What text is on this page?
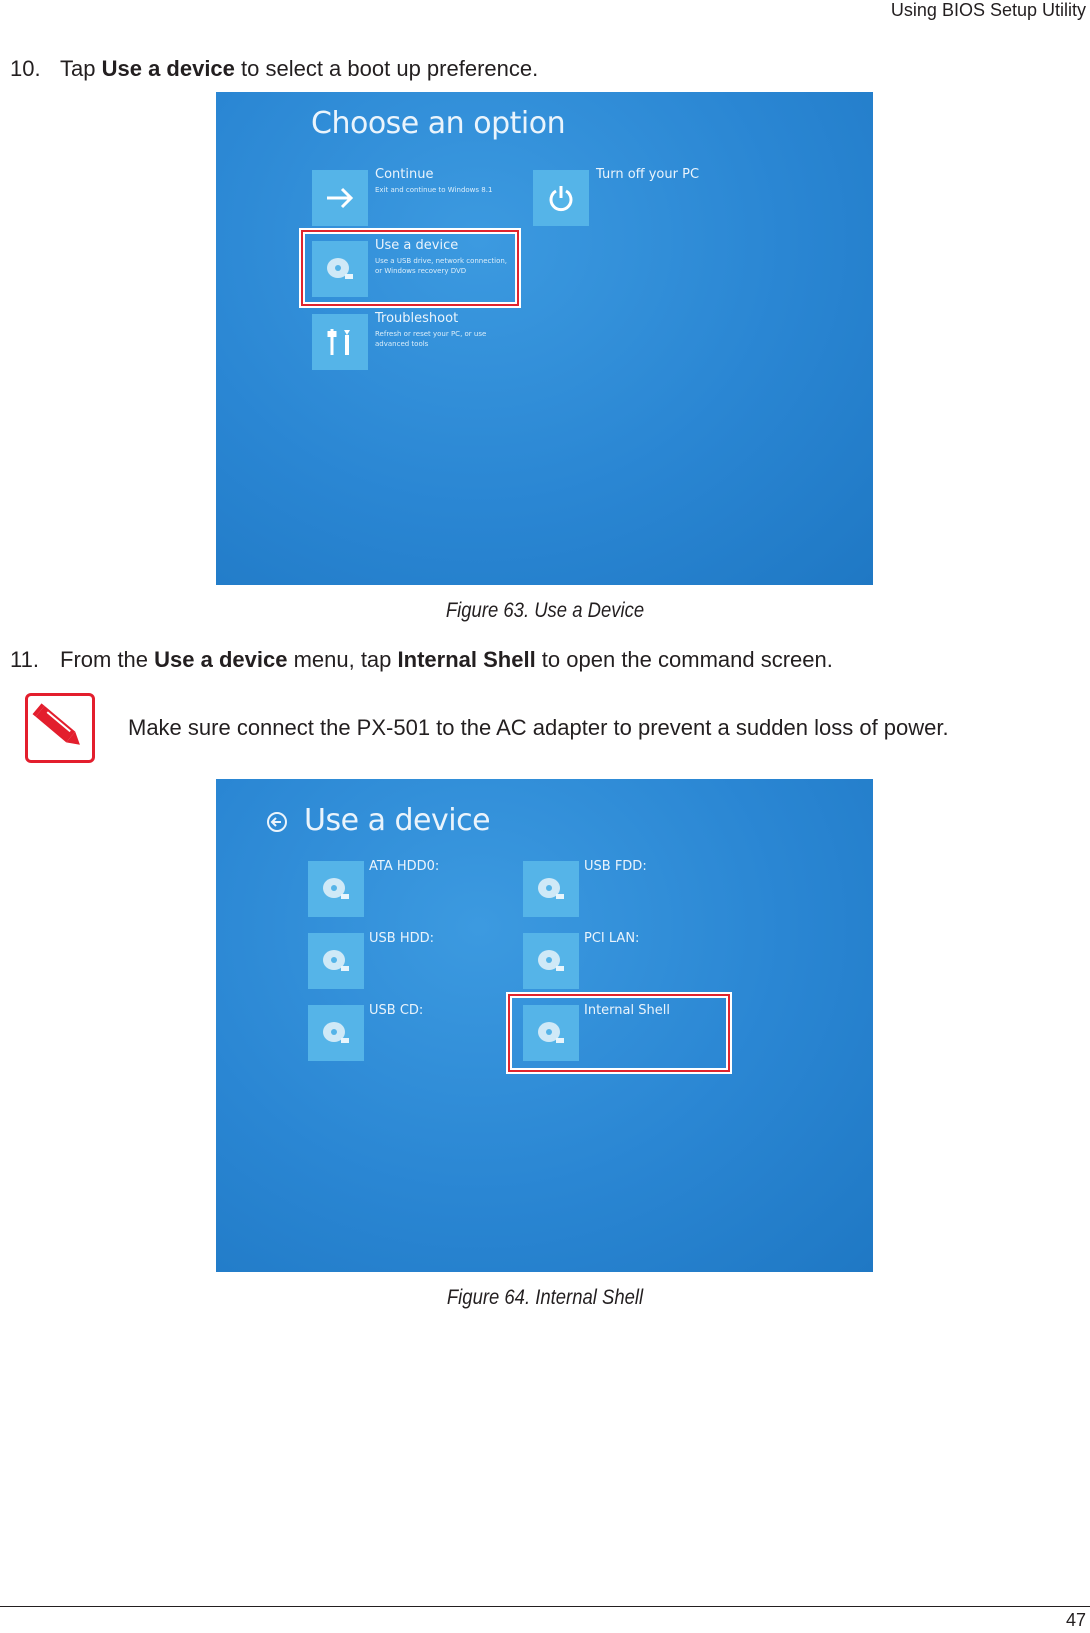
Using BIOS Setup Utility
10. Tap Use a device to select a boot up preference.
Choose an option
Continue
Exit and continue to Windows 8.1
Turn off your PC
Use a device
Use a USB drive, network connection,
or Windows recovery DVD
Troubleshoot
Refresh or reset your PC, or use
advanced tools
Figure 63. Use a Device
11. From the Use a device menu, tap Internal Shell to open the command screen.
Make sure connect the PX-501 to the AC adapter to prevent a sudden loss of power.
Use a device
ATA HDD0:	USB FDD:
USB HDD:	PCI LAN:
USB CD:	Internal Shell
Figure 64. Internal Shell
47
